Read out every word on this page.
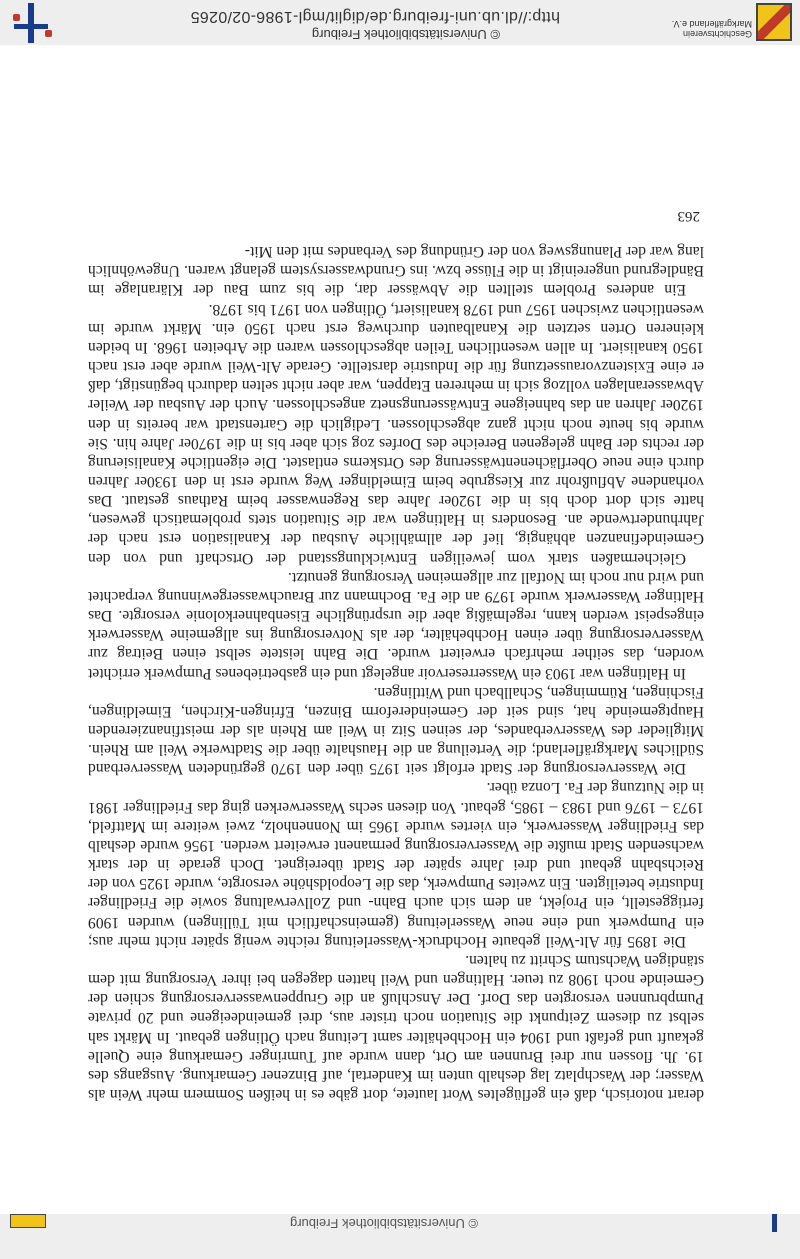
© Universitätsbibliothek Freiburg
http://dl.ub.uni-freiburg.de/diglit/mgl-1986-02/0265
Geschichtsverein
Markgräflerland e.V.

derart notorisch, daß ein geflügeltes Wort lautete, dort gäbe es in heißen Sommern mehr Wein als Wasser; der Waschplatz lag deshalb unten im Kandertal, auf Binzener Gemarkung. Ausgangs des 19. Jh. flossen nur drei Brunnen am Ort, dann wurde auf Tumringer Gemarkung eine Quelle gekauft und gefaßt und 1904 ein Hochbehälter samt Leitung nach Ötlingen gebaut. In Märkt sah selbst zu diesem Zeitpunkt die Situation noch trister aus, drei gemeindeeigene und 20 private Pumpbrunnen versorgten das Dorf. Der Anschluß an die Gruppenwasserversorgung schien der Gemeinde noch 1908 zu teuer. Haltingen und Weil hatten dagegen bei ihrer Versorgung mit dem ständigen Wachstum Schritt zu halten.

Die 1895 für Alt-Weil gebaute Hochdruck-Wasserleitung reichte wenig später nicht mehr aus; ein Pumpwerk und eine neue Wasserleitung (gemeinschaftlich mit Tüllingen) wurden 1909 fertiggestellt, ein Projekt, an dem sich auch Bahn- und Zollverwaltung sowie die Friedlinger Industrie beteiligten. Ein zweites Pumpwerk, das die Leopoldshöhe versorgte, wurde 1925 von der Reichsbahn gebaut und drei Jahre später der Stadt übereignet. Doch gerade in der stark wachsenden Stadt mußte die Wasserversorgung permanent erweitert werden. 1956 wurde deshalb das Friedlinger Wasserwerk, ein viertes wurde 1965 im Nonnenholz, zwei weitere im Mattfeld, 1973 – 1976 und 1983 – 1985, gebaut. Von diesen sechs Wasserwerken ging das Friedlinger 1981 in die Nutzung der Fa. Lonza über.

Die Wasserversorgung der Stadt erfolgt seit 1975 über den 1970 gegründeten Wasserverband Südliches Markgräflerland; die Verteilung an die Haushalte über die Stadtwerke Weil am Rhein. Mitglieder des Wasserverbandes, der seinen Sitz in Weil am Rhein als der meistfinanzierenden Hauptgemeinde hat, sind seit der Gemeindereform Binzen, Efringen-Kirchen, Eimeldingen, Fischingen, Rümmingen, Schallbach und Wittlingen.

In Haltingen war 1903 ein Wasserreservoir angelegt und ein gasbetriebenes Pumpwerk errichtet worden, das seither mehrfach erweitert wurde. Die Bahn leistete selbst einen Beitrag zur Wasserversorgung über einen Hochbehälter, der als Notversorgung ins allgemeine Wasserwerk eingespeist werden kann, regelmäßig aber die ursprüngliche Eisenbahnerkolonie versorgte. Das Haltinger Wasserwerk wurde 1979 an die Fa. Bochmann zur Brauchwassergewinnung verpachtet und wird nur noch im Notfall zur allgemeinen Versorgung genutzt.

Gleichermaßen stark vom jeweiligen Entwicklungsstand der Ortschaft und von den Gemeindefinanzen abhängig, lief der allmähliche Ausbau der Kanalisation erst nach der Jahrhundertwende an. Besonders in Haltingen war die Situation stets problematisch gewesen, hatte sich dort doch bis in die 1920er Jahre das Regenwasser beim Rathaus gestaut. Das vorhandene Abflußrohr zur Kiesgrube beim Eimeldinger Weg wurde erst in den 1930er Jahren durch eine neue Oberflächenentwässerung des Ortskerns entlastet. Die eigentliche Kanalisierung der rechts der Bahn gelegenen Bereiche des Dorfes zog sich aber bis in die 1970er Jahre hin. Sie wurde bis heute noch nicht ganz abgeschlossen. Lediglich die Gartenstadt war bereits in den 1920er Jahren an das bahneigene Entwässerungsnetz angeschlossen. Auch der Ausbau der Weiler Abwasseranlagen vollzog sich in mehreren Etappen, war aber nicht selten dadurch begünstigt, daß er eine Existenzvoraussetzung für die Industrie darstellte. Gerade Alt-Weil wurde aber erst nach 1950 kanalisiert. In allen wesentlichen Teilen abgeschlossen waren die Arbeiten 1968. In beiden kleineren Orten setzten die Kanalbauten durchweg erst nach 1950 ein. Märkt wurde im wesentlichen zwischen 1957 und 1978 kanalisiert, Ötlingen von 1971 bis 1978.

Ein anderes Problem stellten die Abwässer dar, die bis zum Bau der Kläranlage im Bändlegrund ungereinigt in die Flüsse bzw. ins Grundwassersystem gelangt waren. Ungewöhnlich lang war der Planungsweg von der Gründung des Verbandes mit den Mit-

263
© Universitätsbibliothek Freiburg
